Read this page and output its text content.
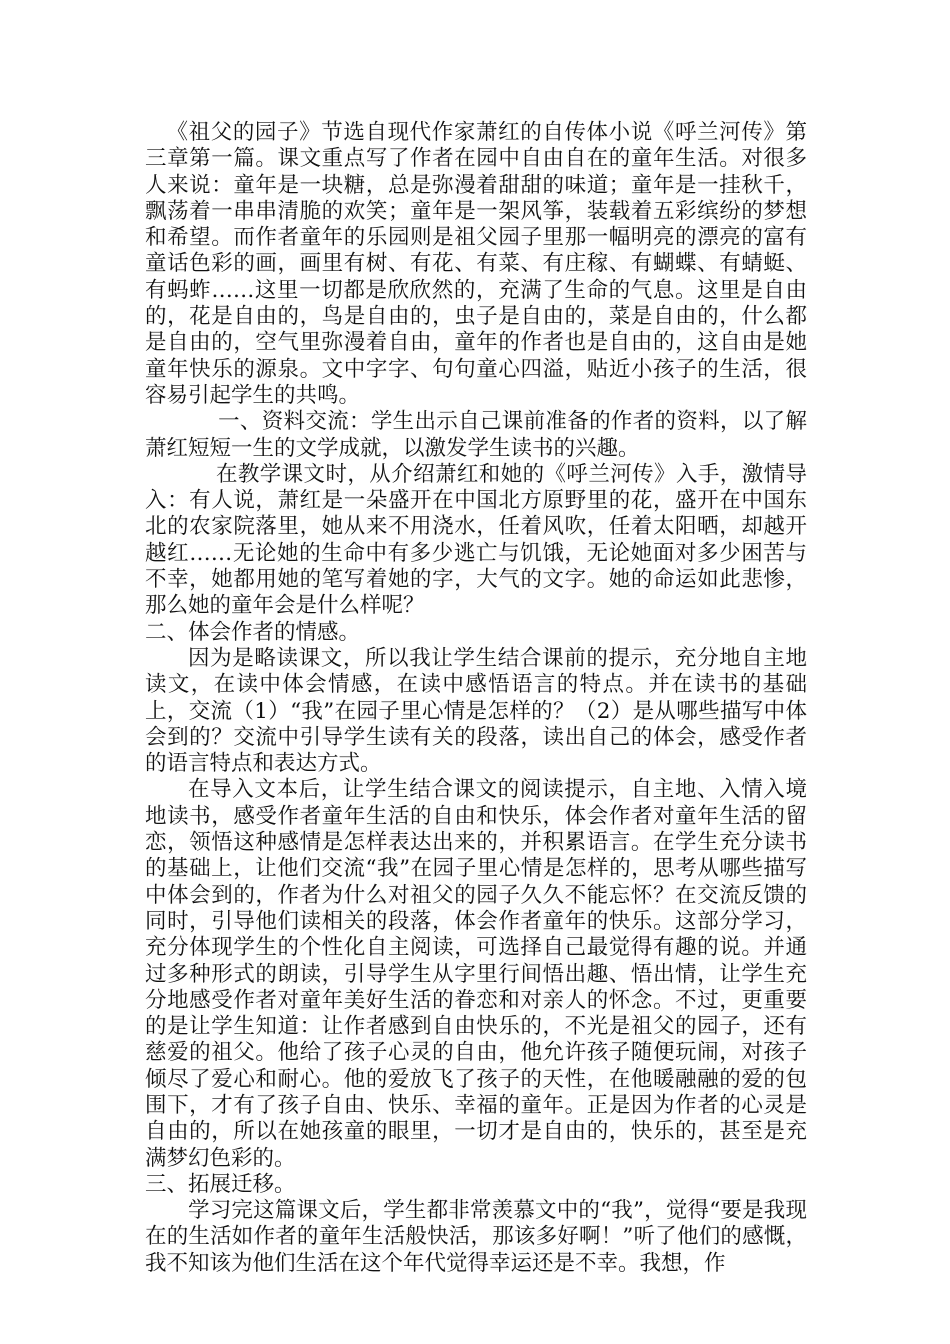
《祖父的园子》节选自现代作家萧红的自传体小说《呼兰河传》第三章第一篇。课文重点写了作者在园中自由自在的童年生活。对很多人来说：童年是一块糖，总是弥漫着甜甜的味道；童年是一挂秋千，飘荡着一串串清脆的欢笑；童年是一架风筝，装载着五彩缤纷的梦想和希望。而作者童年的乐园则是祖父园子里那一幅明亮的漂亮的富有童话色彩的画，画里有树、有花、有菜、有庄稼、有蝴蝶、有蜻蜓、有蚂蚱……这里一切都是欣欣然的，充满了生命的气息。这里是自由的，花是自由的，鸟是自由的，虫子是自由的，菜是自由的，什么都是自由的，空气里弥漫着自由，童年的作者也是自由的，这自由是她童年快乐的源泉。文中字字、句句童心四溢，贴近小孩子的生活，很容易引起学生的共鸣。

一、资料交流：学生出示自己课前准备的作者的资料，以了解萧红短短一生的文学成就，以激发学生读书的兴趣。

在教学课文时，从介绍萧红和她的《呼兰河传》入手，激情导入：有人说，萧红是一朵盛开在中国北方原野里的花，盛开在中国东北的农家院落里，她从来不用浇水，任着风吹，任着太阳晒，却越开越红……无论她的生命中有多少逃亡与饥饿，无论她面对多少困苦与不幸，她都用她的笔写着她的字，大气的文字。她的命运如此悲惨，那么她的童年会是什么样呢？

二、体会作者的情感。

因为是略读课文，所以我让学生结合课前的提示，充分地自主地读文，在读中体会情感，在读中感悟语言的特点。并在读书的基础上，交流（1）“我”在园子里心情是怎样的？（2）是从哪些描写中体会到的？交流中引导学生读有关的段落，读出自己的体会，感受作者的语言特点和表达方式。

在导入文本后，让学生结合课文的阅读提示，自主地、入情入境地读书，感受作者童年生活的自由和快乐，体会作者对童年生活的留恋，领悟这种感情是怎样表达出来的，并积累语言。在学生充分读书的基础上，让他们交流“我”在园子里心情是怎样的，思考从哪些描写中体会到的，作者为什么对祖父的园子久久不能忘怀？在交流反馈的同时，引导他们读相关的段落，体会作者童年的快乐。这部分学习，充分体现学生的个性化自主阅读，可选择自己最觉得有趣的说。并通过多种形式的朗读，引导学生从字里行间悟出趣、悟出情，让学生充分地感受作者对童年美好生活的眷恋和对亲人的怀念。不过，更重要的是让学生知道：让作者感到自由快乐的，不光是祖父的园子，还有慈爱的祖父。他给了孩子心灵的自由，他允许孩子随便玩闹，对孩子倾尽了爱心和耐心。他的爱放飞了孩子的天性，在他暖融融的爱的包围下，才有了孩子自由、快乐、幸福的童年。正是因为作者的心灵是自由的，所以在她孩童的眼里，一切才是自由的，快乐的，甚至是充满梦幻色彩的。

三、拓展迁移。

学习完这篇课文后，学生都非常羡慕文中的“我”，觉得“要是我现在的生活如作者的童年生活般快活，那该多好啊！”听了他们的感慨，我不知该为他们生活在这个年代觉得幸运还是不幸。我想，作
